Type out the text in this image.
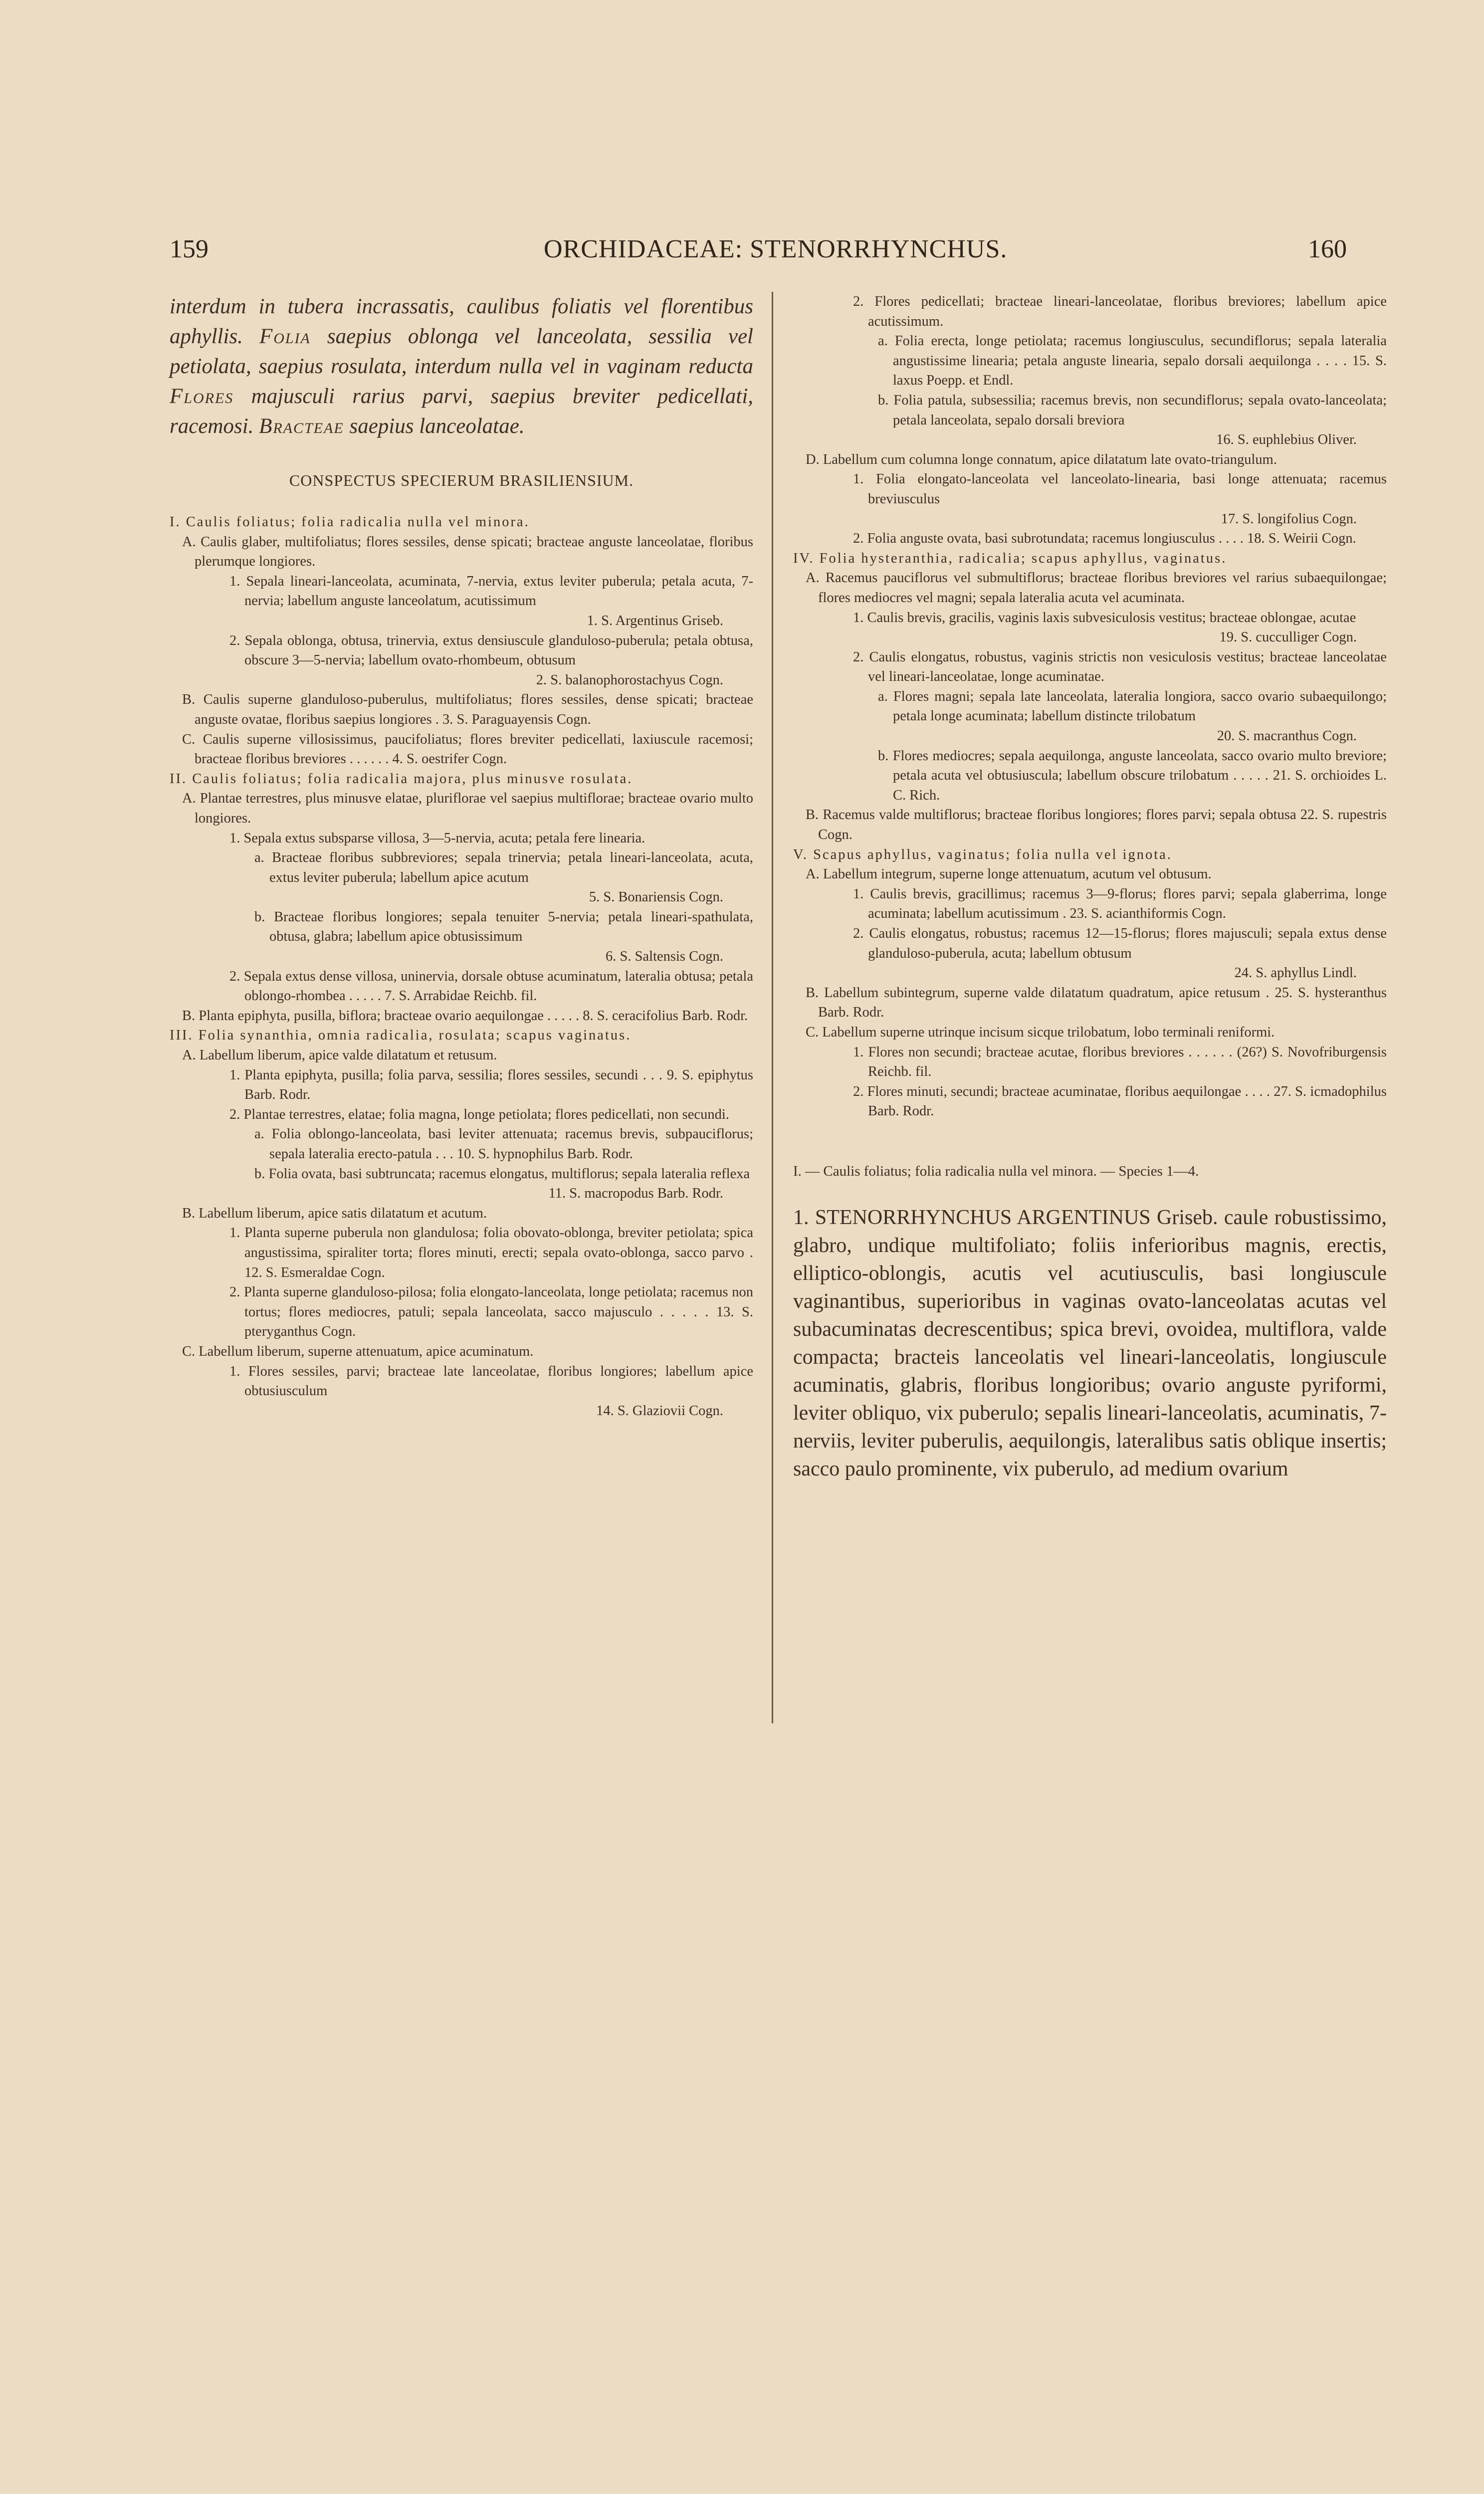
159	ORCHIDACEAE: STENORRHYNCHUS.	160

interdum in tubera incrassatis, caulibus foliatis vel florentibus aphyllis. Folia saepius oblonga vel lanceolata, sessilia vel petiolata, saepius rosulata, interdum nulla vel in vaginam reducta Flores majusculi rarius parvi, saepius breviter pedicellati, racemosi. Bracteae saepius lanceolatae.

CONSPECTUS SPECIERUM BRASILIENSIUM.

I. Caulis foliatus; folia radicalia nulla vel minora.

A. Caulis glaber, multifoliatus; flores sessiles, dense spicati; bracteae anguste lanceolatae, floribus plerumque longiores.

1. Sepala lineari-lanceolata, acuminata, 7-nervia, extus leviter puberula; petala acuta, 7-nervia; labellum anguste lanceolatum, acutissimum

1. S. Argentinus Griseb.

2. Sepala oblonga, obtusa, trinervia, extus densiuscule glanduloso-puberula; petala obtusa, obscure 3—5-nervia; labellum ovato-rhombeum, obtusum

2. S. balanophorostachyus Cogn.

B. Caulis superne glanduloso-puberulus, multifoliatus; flores sessiles, dense spicati; bracteae anguste ovatae, floribus saepius longiores . 3. S. Paraguayensis Cogn.

C. Caulis superne villosissimus, paucifoliatus; flores breviter pedicellati, laxiuscule racemosi; bracteae floribus breviores . . . . . . 4. S. oestrifer Cogn.

II. Caulis foliatus; folia radicalia majora, plus minusve rosulata.

A. Plantae terrestres, plus minusve elatae, pluriflorae vel saepius multiflorae; bracteae ovario multo longiores.

1. Sepala extus subsparse villosa, 3—5-nervia, acuta; petala fere linearia.

a. Bracteae floribus subbreviores; sepala trinervia; petala lineari-lanceolata, acuta, extus leviter puberula; labellum apice acutum

5. S. Bonariensis Cogn.

b. Bracteae floribus longiores; sepala tenuiter 5-nervia; petala lineari-spathulata, obtusa, glabra; labellum apice obtusissimum

6. S. Saltensis Cogn.

2. Sepala extus dense villosa, uninervia, dorsale obtuse acuminatum, lateralia obtusa; petala oblongo-rhombea . . . . . 7. S. Arrabidae Reichb. fil.

B. Planta epiphyta, pusilla, biflora; bracteae ovario aequilongae . . . . . 8. S. ceracifolius Barb. Rodr.

III. Folia synanthia, omnia radicalia, rosulata; scapus vaginatus.

A. Labellum liberum, apice valde dilatatum et retusum.

1. Planta epiphyta, pusilla; folia parva, sessilia; flores sessiles, secundi . . . 9. S. epiphytus Barb. Rodr.

2. Plantae terrestres, elatae; folia magna, longe petiolata; flores pedicellati, non secundi.

a. Folia oblongo-lanceolata, basi leviter attenuata; racemus brevis, subpauciflorus; sepala lateralia erecto-patula . . . 10. S. hypnophilus Barb. Rodr.

b. Folia ovata, basi subtruncata; racemus elongatus, multiflorus; sepala lateralia reflexa

11. S. macropodus Barb. Rodr.

B. Labellum liberum, apice satis dilatatum et acutum.

1. Planta superne puberula non glandulosa; folia obovato-oblonga, breviter petiolata; spica angustissima, spiraliter torta; flores minuti, erecti; sepala ovato-oblonga, sacco parvo . 12. S. Esmeraldae Cogn.

2. Planta superne glanduloso-pilosa; folia elongato-lanceolata, longe petiolata; racemus non tortus; flores mediocres, patuli; sepala lanceolata, sacco majusculo . . . . . 13. S. pteryganthus Cogn.

C. Labellum liberum, superne attenuatum, apice acuminatum.

1. Flores sessiles, parvi; bracteae late lanceolatae, floribus longiores; labellum apice obtusiusculum

14. S. Glaziovii Cogn.

2. Flores pedicellati; bracteae lineari-lanceolatae, floribus breviores; labellum apice acutissimum.

a. Folia erecta, longe petiolata; racemus longiusculus, secundiflorus; sepala lateralia angustissime linearia; petala anguste linearia, sepalo dorsali aequilonga . . . . 15. S. laxus Poepp. et Endl.

b. Folia patula, subsessilia; racemus brevis, non secundiflorus; sepala ovato-lanceolata; petala lanceolata, sepalo dorsali breviora

16. S. euphlebius Oliver.

D. Labellum cum columna longe connatum, apice dilatatum late ovato-triangulum.

1. Folia elongato-lanceolata vel lanceolato-linearia, basi longe attenuata; racemus breviusculus

17. S. longifolius Cogn.

2. Folia anguste ovata, basi subrotundata; racemus longiusculus . . . . 18. S. Weirii Cogn.

IV. Folia hysteranthia, radicalia; scapus aphyllus, vaginatus.

A. Racemus pauciflorus vel submultiflorus; bracteae floribus breviores vel rarius subaequilongae; flores mediocres vel magni; sepala lateralia acuta vel acuminata.

1. Caulis brevis, gracilis, vaginis laxis subvesiculosis vestitus; bracteae oblongae, acutae

19. S. cucculliger Cogn.

2. Caulis elongatus, robustus, vaginis strictis non vesiculosis vestitus; bracteae lanceolatae vel lineari-lanceolatae, longe acuminatae.

a. Flores magni; sepala late lanceolata, lateralia longiora, sacco ovario subaequilongo; petala longe acuminata; labellum distincte trilobatum

20. S. macranthus Cogn.

b. Flores mediocres; sepala aequilonga, anguste lanceolata, sacco ovario multo breviore; petala acuta vel obtusiuscula; labellum obscure trilobatum . . . . . 21. S. orchioides L. C. Rich.

B. Racemus valde multiflorus; bracteae floribus longiores; flores parvi; sepala obtusa 22. S. rupestris Cogn.

V. Scapus aphyllus, vaginatus; folia nulla vel ignota.

A. Labellum integrum, superne longe attenuatum, acutum vel obtusum.

1. Caulis brevis, gracillimus; racemus 3—9-florus; flores parvi; sepala glaberrima, longe acuminata; labellum acutissimum . 23. S. acianthiformis Cogn.

2. Caulis elongatus, robustus; racemus 12—15-florus; flores majusculi; sepala extus dense glanduloso-puberula, acuta; labellum obtusum

24. S. aphyllus Lindl.

B. Labellum subintegrum, superne valde dilatatum quadratum, apice retusum . 25. S. hysteranthus Barb. Rodr.

C. Labellum superne utrinque incisum sicque trilobatum, lobo terminali reniformi.

1. Flores non secundi; bracteae acutae, floribus breviores . . . . . . (26?) S. Novofriburgensis Reichb. fil.

2. Flores minuti, secundi; bracteae acuminatae, floribus aequilongae . . . . 27. S. icmadophilus Barb. Rodr.

I. — Caulis foliatus; folia radicalia nulla vel minora. — Species 1—4.

1. STENORRHYNCHUS ARGENTINUS Griseb. caule robustissimo, glabro, undique multifoliato; foliis inferioribus magnis, erectis, elliptico-oblongis, acutis vel acutiusculis, basi longiuscule vaginantibus, superioribus in vaginas ovato-lanceolatas acutas vel subacuminatas decrescentibus; spica brevi, ovoidea, multiflora, valde compacta; bracteis lanceolatis vel lineari-lanceolatis, longiuscule acuminatis, glabris, floribus longioribus; ovario anguste pyriformi, leviter obliquo, vix puberulo; sepalis lineari-lanceolatis, acuminatis, 7-nerviis, leviter puberulis, aequilongis, lateralibus satis oblique insertis; sacco paulo prominente, vix puberulo, ad medium ovarium
